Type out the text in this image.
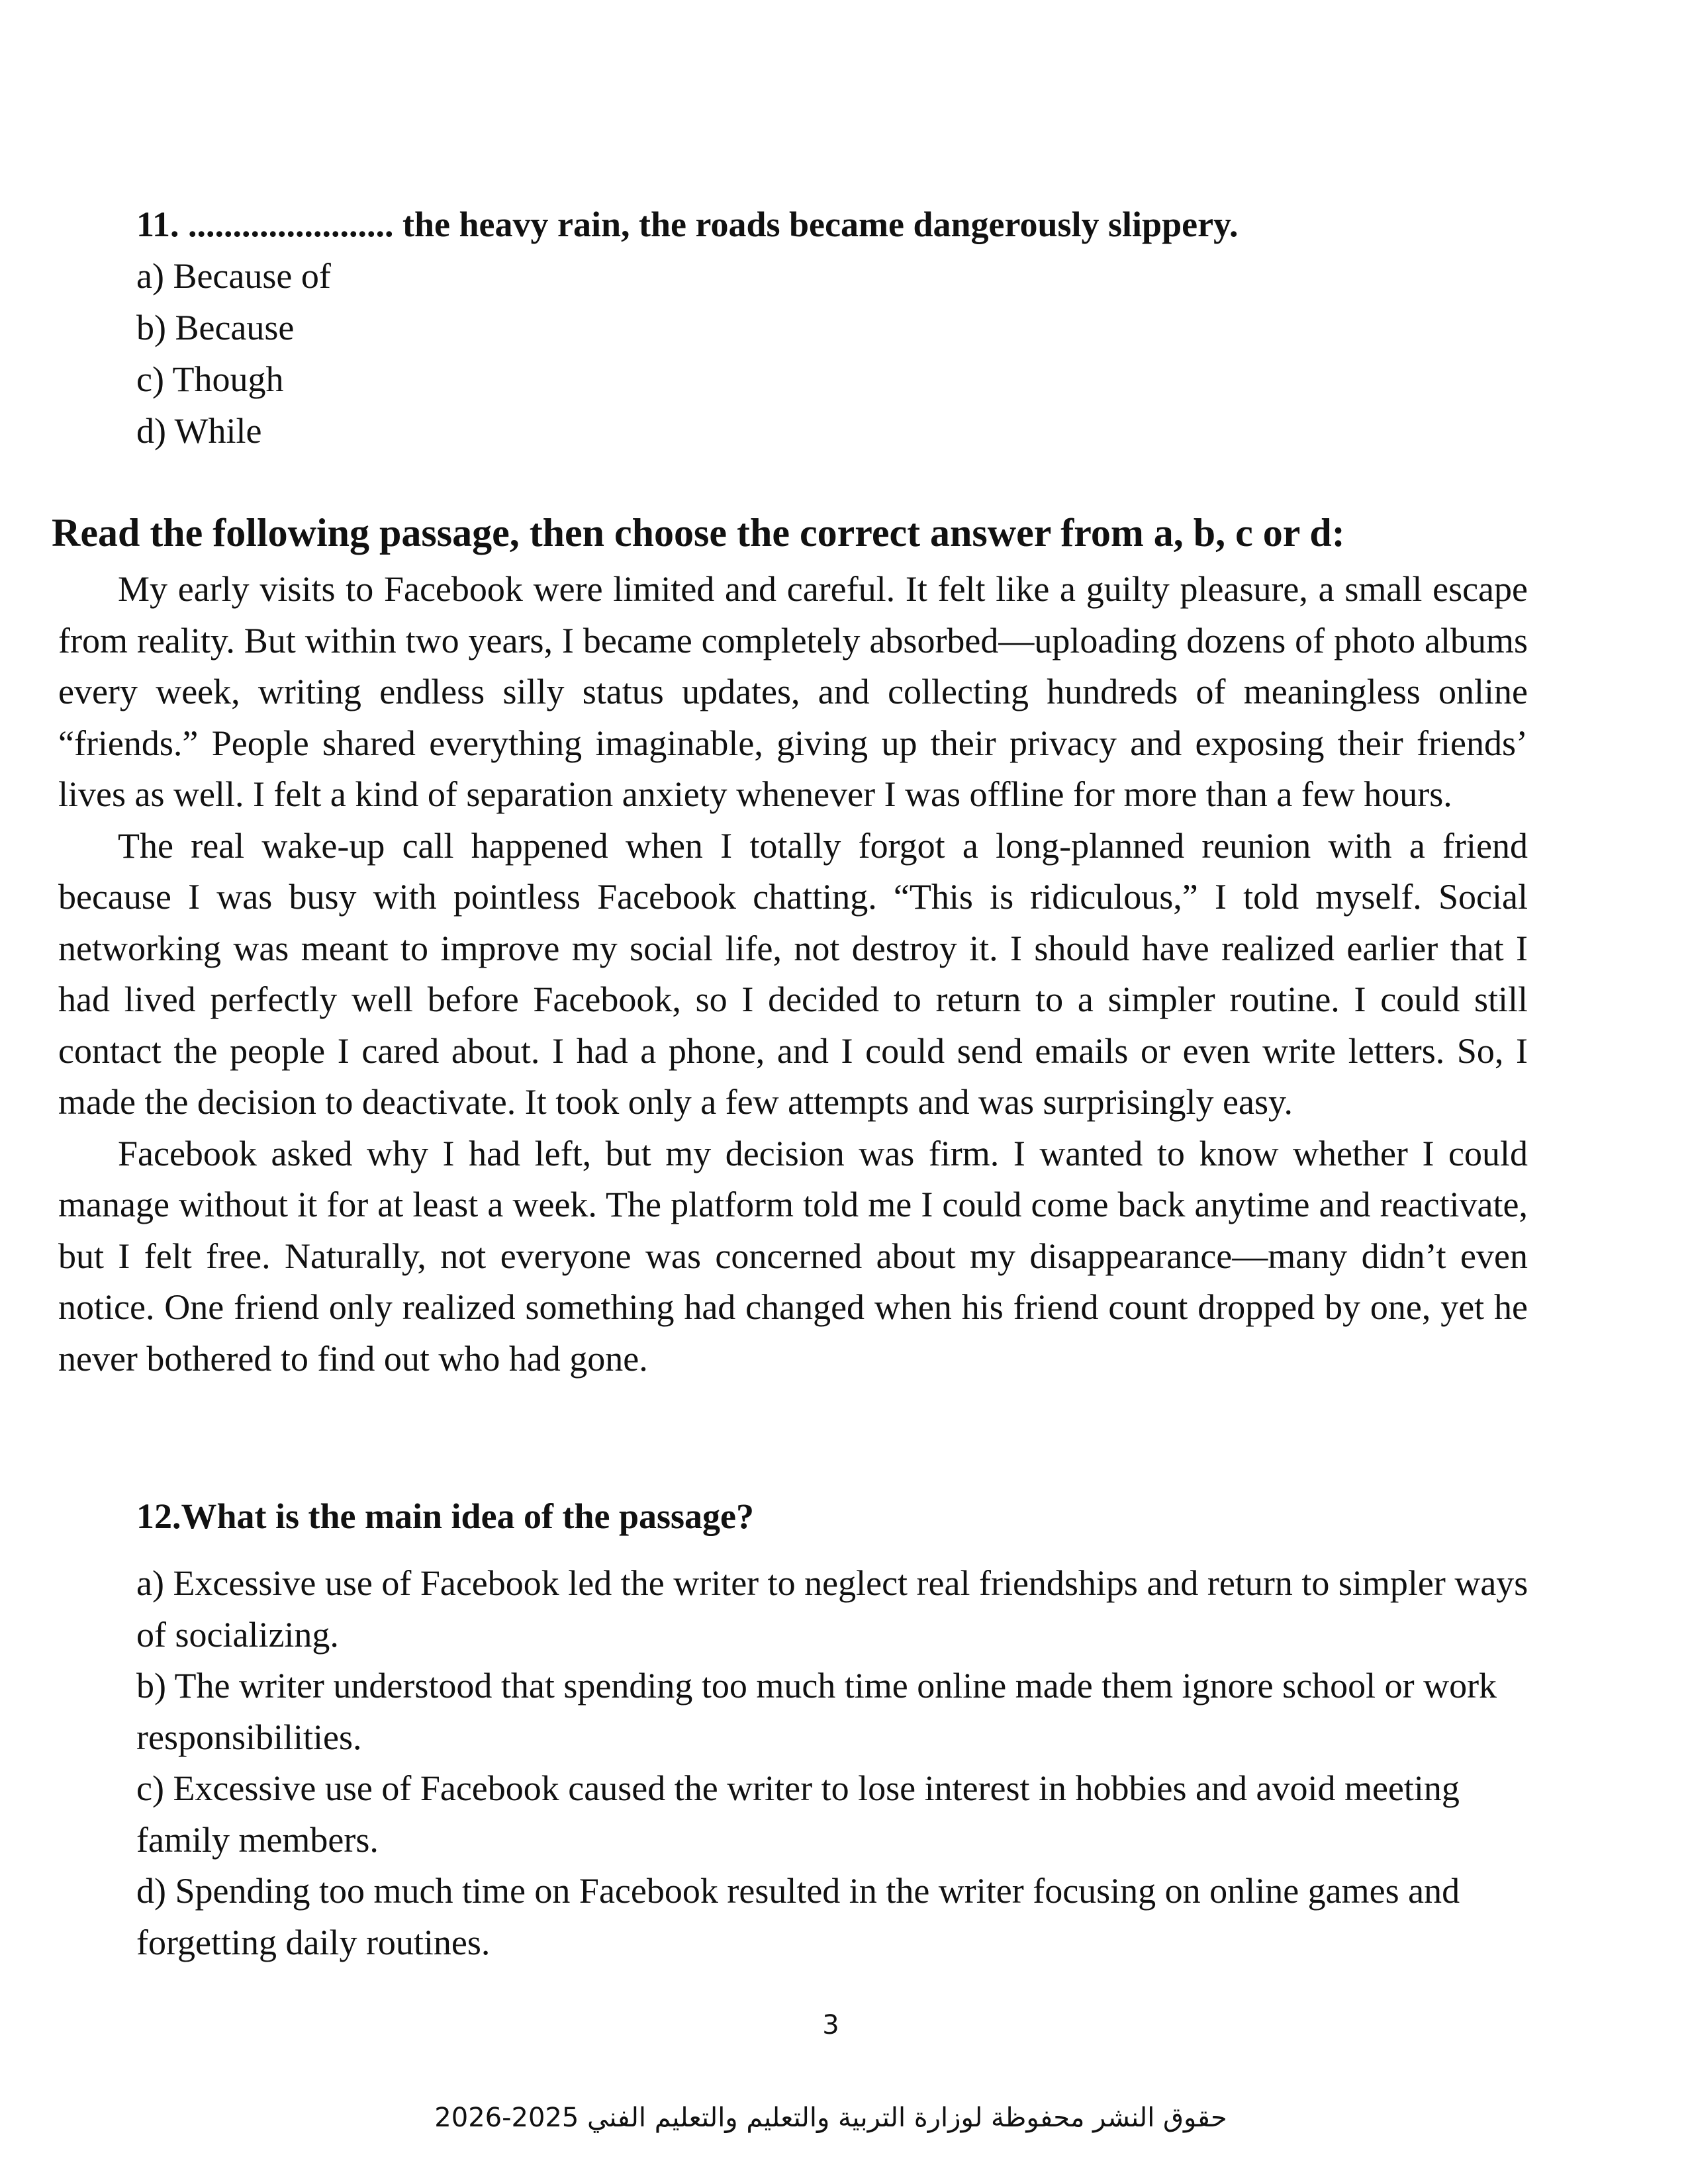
11. ....................... the heavy rain, the roads became dangerously slippery.

a) Because of

b) Because

c) Though

d) While

Read the following passage, then choose the correct answer from a, b, c or d:

My early visits to Facebook were limited and careful. It felt like a guilty pleasure, a small escape from reality. But within two years, I became completely absorbed—uploading dozens of photo albums every week, writing endless silly status updates, and collecting hundreds of meaningless online “friends.” People shared everything imaginable, giving up their privacy and exposing their friends’ lives as well. I felt a kind of separation anxiety whenever I was offline for more than a few hours.

The real wake-up call happened when I totally forgot a long-planned reunion with a friend because I was busy with pointless Facebook chatting. “This is ridiculous,” I told myself. Social networking was meant to improve my social life, not destroy it. I should have realized earlier that I had lived perfectly well before Facebook, so I decided to return to a simpler routine. I could still contact the people I cared about. I had a phone, and I could send emails or even write letters. So, I made the decision to deactivate. It took only a few attempts and was surprisingly easy.

Facebook asked why I had left, but my decision was firm. I wanted to know whether I could manage without it for at least a week. The platform told me I could come back anytime and reactivate, but I felt free. Naturally, not everyone was concerned about my disappearance—many didn’t even notice. One friend only realized something had changed when his friend count dropped by one, yet he never bothered to find out who had gone.

12.What is the main idea of the passage?

a) Excessive use of Facebook led the writer to neglect real friendships and return to simpler ways of socializing.

b) The writer understood that spending too much time online made them ignore school or work responsibilities.

c) Excessive use of Facebook caused the writer to lose interest in hobbies and avoid meeting family members.

d) Spending too much time on Facebook resulted in the writer focusing on online games and forgetting daily routines.

3
حقوق النشر محفوظة لوزارة التربية والتعليم والتعليم الفني 2025-2026
